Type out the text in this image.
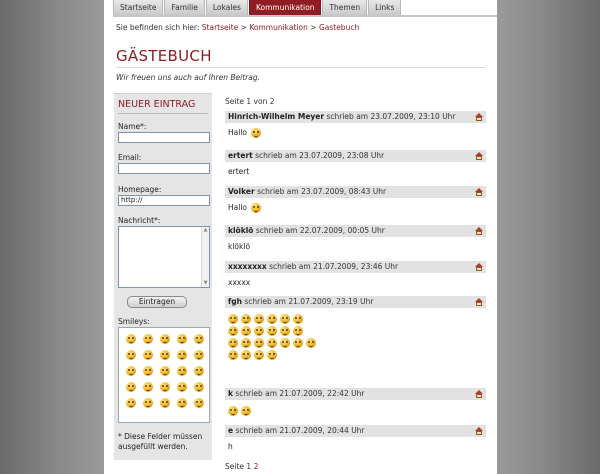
Startseite	Familie	Lokales	Kommunikation	Themen	Links
Sie befinden sich hier: Startseite > Kommunikation > Gastebuch
GÄSTEBUCH
Wir freuen uns auch auf Ihren Beitrag.
NEUER EINTRAG
Name*:
Email:
Homepage:
http://
Nachricht*:
▲
▼
Eintragen
Smileys:
* Diese Felder müssen ausgefüllt werden.
Seite 1 von 2
Hinrich-Wilhelm Meyer schrieb am 23.07.2009, 23:10 Uhr
Hallo
ertert schrieb am 23.07.2009, 23:08 Uhr
ertert
Volker schrieb am 23.07.2009, 08:43 Uhr
Hallo
klöklö schrieb am 22.07.2009, 00:05 Uhr
klöklö
xxxxxxxx schrieb am 21.07.2009, 23:46 Uhr
xxxxx
fgh schrieb am 21.07.2009, 23:19 Uhr
k schrieb am 21.07.2009, 22:42 Uhr
e schrieb am 21.07.2009, 20:44 Uhr
h
Seite 1 2
